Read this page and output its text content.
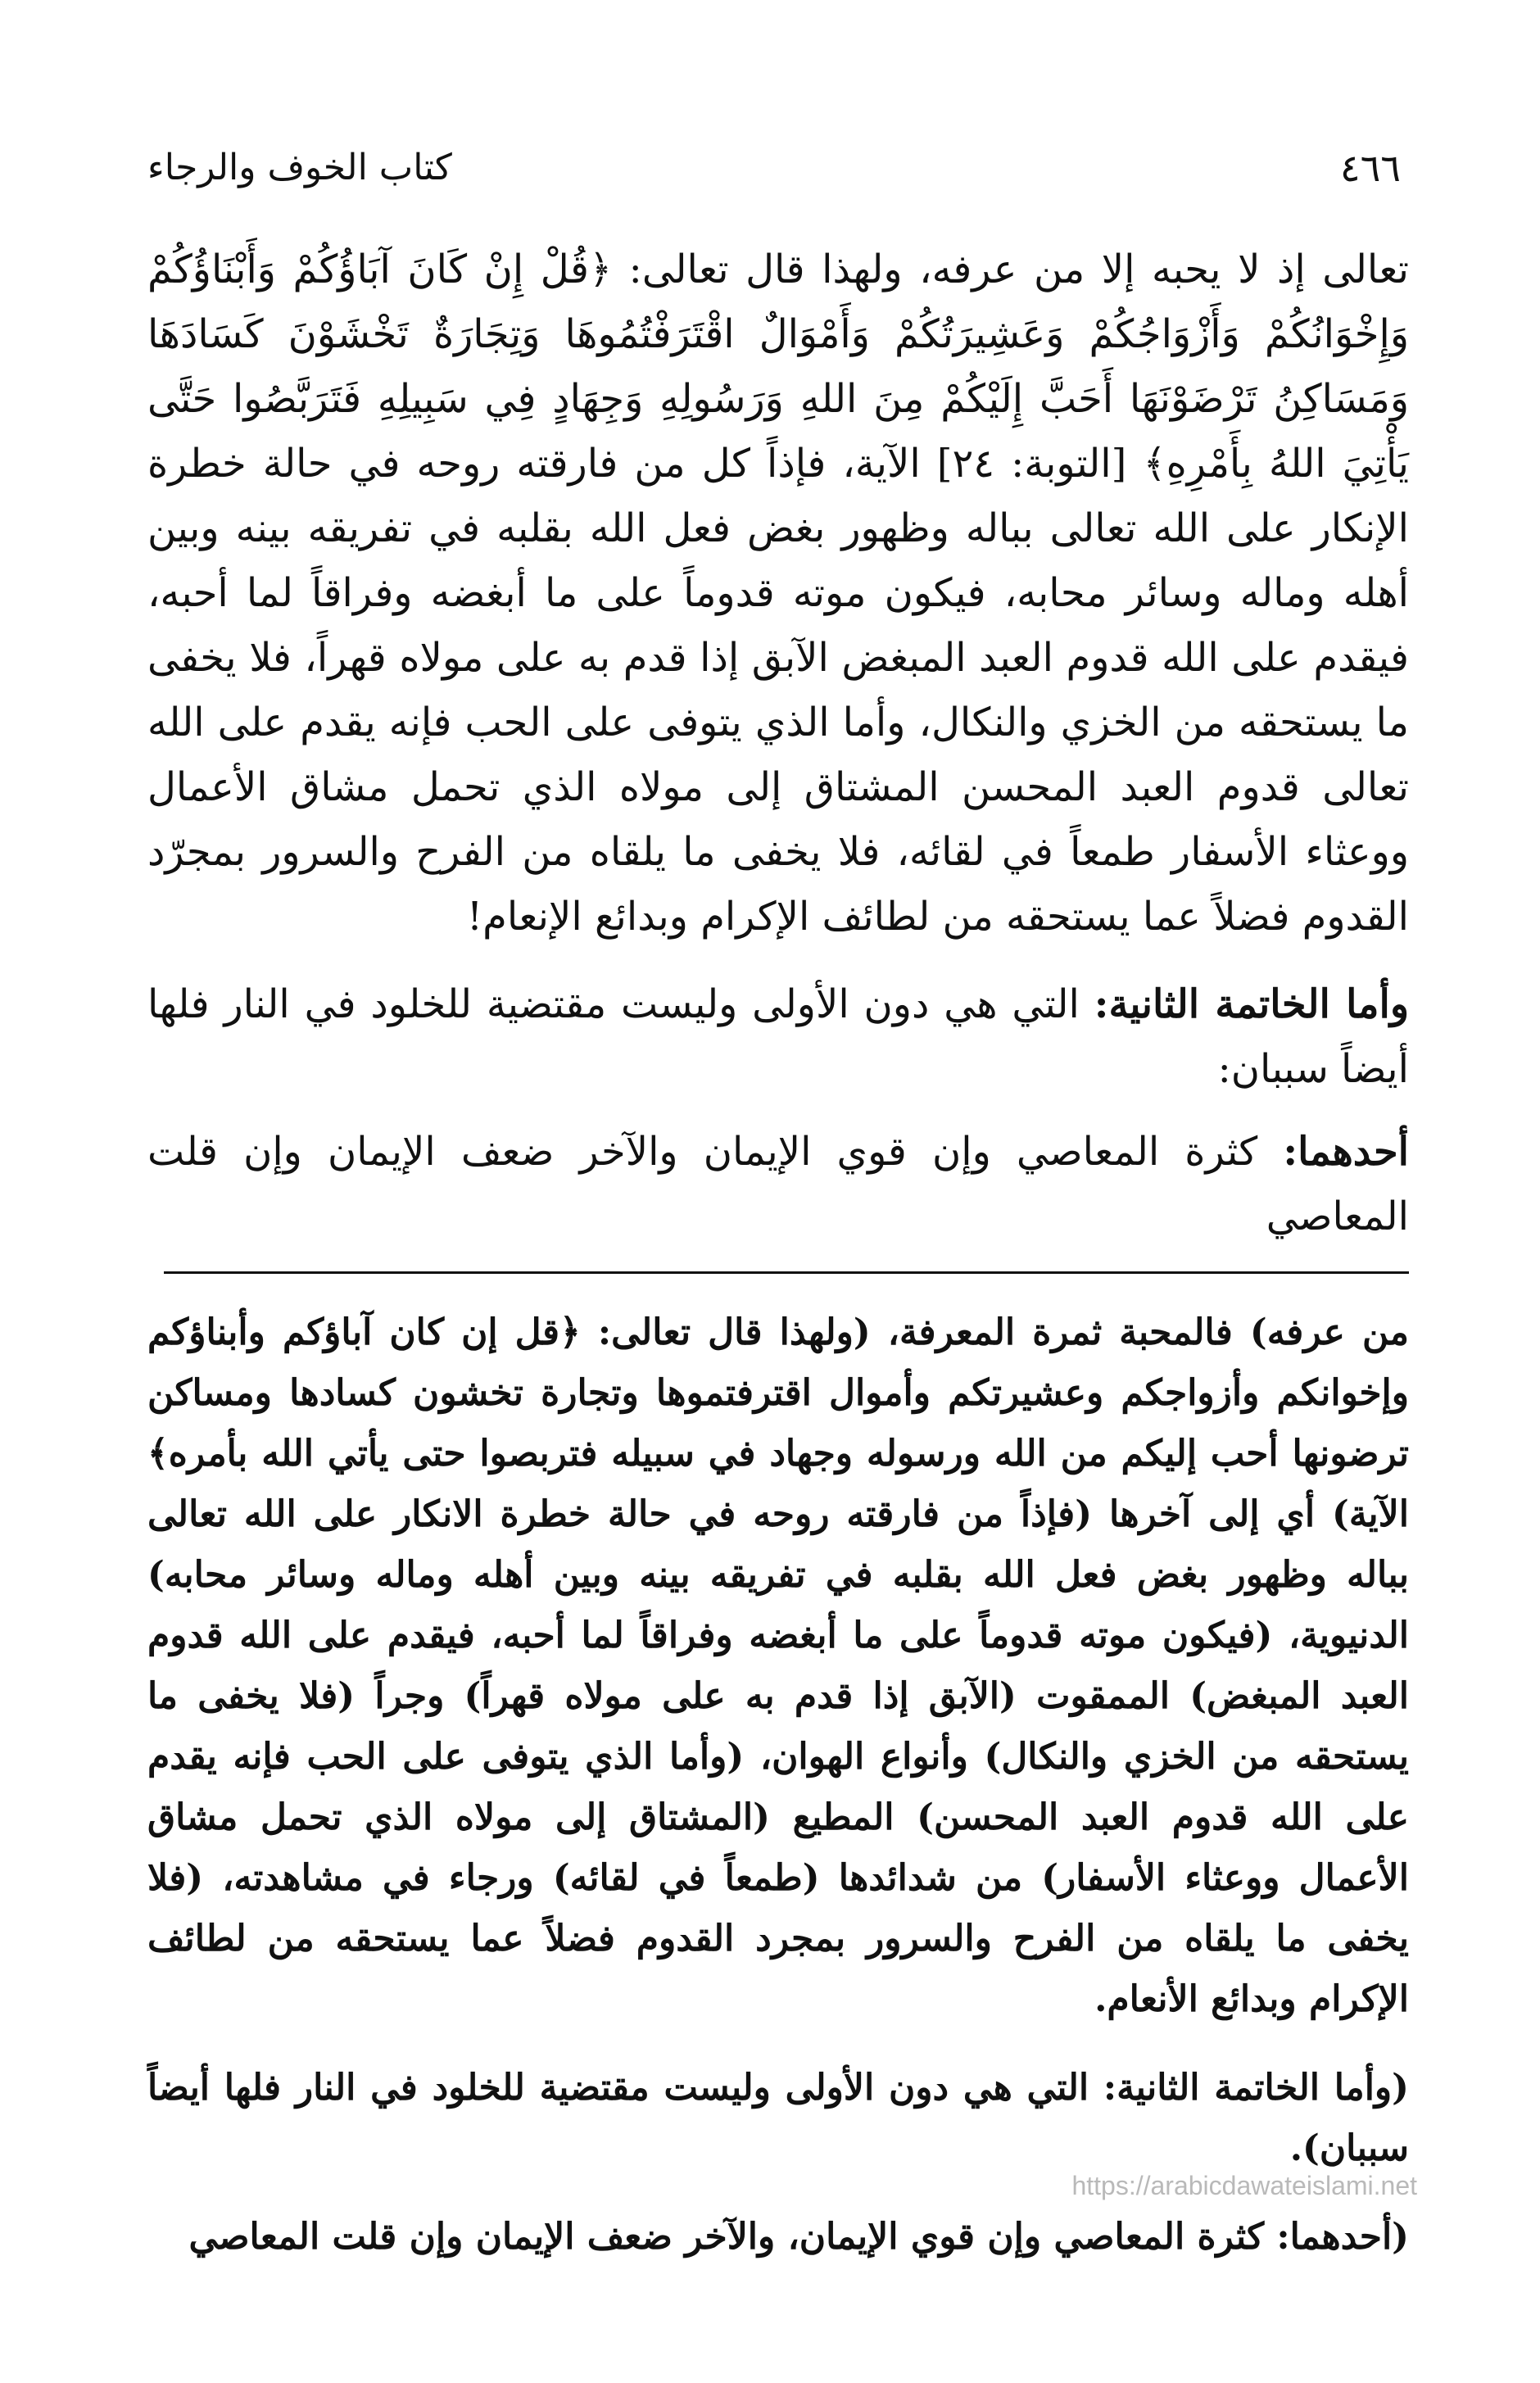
٤٦٦
كتاب الخوف والرجاء

تعالى إذ لا يحبه إلا من عرفه، ولهذا قال تعالى: ﴿قُلْ إِنْ كَانَ آبَاؤُكُمْ وَأَبْنَاؤُكُمْ وَإِخْوَانُكُمْ وَأَزْوَاجُكُمْ وَعَشِيرَتُكُمْ وَأَمْوَالٌ اقْتَرَفْتُمُوهَا وَتِجَارَةٌ تَخْشَوْنَ كَسَادَهَا وَمَسَاكِنُ تَرْضَوْنَهَا أَحَبَّ إِلَيْكُمْ مِنَ اللهِ وَرَسُولِهِ وَجِهَادٍ فِي سَبِيلِهِ فَتَرَبَّصُوا حَتَّى يَأْتِيَ اللهُ بِأَمْرِهِ﴾ [التوبة: ٢٤] الآية، فإذاً كل من فارقته روحه في حالة خطرة الإنكار على الله تعالى بباله وظهور بغض فعل الله بقلبه في تفريقه بينه وبين أهله وماله وسائر محابه، فيكون موته قدوماً على ما أبغضه وفراقاً لما أحبه، فيقدم على الله قدوم العبد المبغض الآبق إذا قدم به على مولاه قهراً، فلا يخفى ما يستحقه من الخزي والنكال، وأما الذي يتوفى على الحب فإنه يقدم على الله تعالى قدوم العبد المحسن المشتاق إلى مولاه الذي تحمل مشاق الأعمال ووعثاء الأسفار طمعاً في لقائه، فلا يخفى ما يلقاه من الفرح والسرور بمجرّد القدوم فضلاً عما يستحقه من لطائف الإكرام وبدائع الإنعام!

وأما الخاتمة الثانية: التي هي دون الأولى وليست مقتضية للخلود في النار فلها أيضاً سببان:

أحدهما: كثرة المعاصي وإن قوي الإيمان والآخر ضعف الإيمان وإن قلت المعاصي

من عرفه) فالمحبة ثمرة المعرفة، (ولهذا قال تعالى: ﴿قل إن كان آباؤكم وأبناؤكم وإخوانكم وأزواجكم وعشيرتكم وأموال اقترفتموها وتجارة تخشون كسادها ومساكن ترضونها أحب إليكم من الله ورسوله وجهاد في سبيله فتربصوا حتى يأتي الله بأمره﴾ الآية) أي إلى آخرها (فإذاً من فارقته روحه في حالة خطرة الانكار على الله تعالى بباله وظهور بغض فعل الله بقلبه في تفريقه بينه وبين أهله وماله وسائر محابه) الدنيوية، (فيكون موته قدوماً على ما أبغضه وفراقاً لما أحبه، فيقدم على الله قدوم العبد المبغض) الممقوت (الآبق إذا قدم به على مولاه قهراً) وجراً (فلا يخفى ما يستحقه من الخزي والنكال) وأنواع الهوان، (وأما الذي يتوفى على الحب فإنه يقدم على الله قدوم العبد المحسن) المطيع (المشتاق إلى مولاه الذي تحمل مشاق الأعمال ووعثاء الأسفار) من شدائدها (طمعاً في لقائه) ورجاء في مشاهدته، (فلا يخفى ما يلقاه من الفرح والسرور بمجرد القدوم فضلاً عما يستحقه من لطائف الإكرام وبدائع الأنعام.

(وأما الخاتمة الثانية: التي هي دون الأولى وليست مقتضية للخلود في النار فلها أيضاً سببان).

(أحدهما: كثرة المعاصي وإن قوي الإيمان، والآخر ضعف الإيمان وإن قلت المعاصي

https://arabicdawateislami.net
